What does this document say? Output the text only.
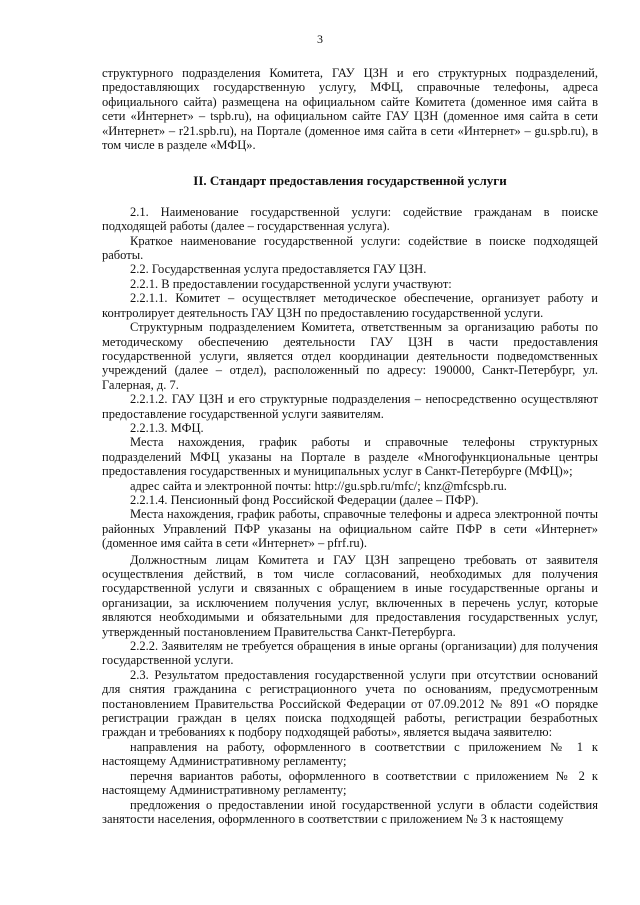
3

структурного подразделения Комитета, ГАУ ЦЗН и его структурных подразделений, предоставляющих государственную услугу, МФЦ, справочные телефоны, адреса официального сайта) размещена на официальном сайте Комитета (доменное имя сайта в сети «Интернет» – tspb.ru), на официальном сайте ГАУ ЦЗН (доменное имя сайта в сети «Интернет» – r21.spb.ru), на Портале (доменное имя сайта в сети «Интернет» – gu.spb.ru), в том числе в разделе «МФЦ».

II. Стандарт предоставления государственной услуги

2.1. Наименование государственной услуги: содействие гражданам в поиске подходящей работы (далее – государственная услуга).

Краткое наименование государственной услуги: содействие в поиске подходящей работы.

2.2. Государственная услуга предоставляется ГАУ ЦЗН.

2.2.1. В предоставлении государственной услуги участвуют:

2.2.1.1. Комитет – осуществляет методическое обеспечение, организует работу и контролирует деятельность ГАУ ЦЗН по предоставлению государственной услуги.

Структурным подразделением Комитета, ответственным за организацию работы по методическому обеспечению деятельности ГАУ ЦЗН в части предоставления государственной услуги, является отдел координации деятельности подведомственных учреждений (далее – отдел), расположенный по адресу: 190000, Санкт-Петербург, ул. Галерная, д. 7.

2.2.1.2. ГАУ ЦЗН и его структурные подразделения – непосредственно осуществляют предоставление государственной услуги заявителям.

2.2.1.3. МФЦ.

Места нахождения, график работы и справочные телефоны структурных подразделений МФЦ указаны на Портале в разделе «Многофункциональные центры предоставления государственных и муниципальных услуг в Санкт-Петербурге (МФЦ)»;

адрес сайта и электронной почты: http://gu.spb.ru/mfc/; knz@mfcspb.ru.

2.2.1.4. Пенсионный фонд Российской Федерации (далее – ПФР).

Места нахождения, график работы, справочные телефоны и адреса электронной почты районных Управлений ПФР указаны на официальном сайте ПФР в сети «Интернет» (доменное имя сайта в сети «Интернет» – pfrf.ru).

Должностным лицам Комитета и ГАУ ЦЗН запрещено требовать от заявителя осуществления действий, в том числе согласований, необходимых для получения государственной услуги и связанных с обращением в иные государственные органы и организации, за исключением получения услуг, включенных в перечень услуг, которые являются необходимыми и обязательными для предоставления государственных услуг, утвержденный постановлением Правительства Санкт-Петербурга.

2.2.2. Заявителям не требуется обращения в иные органы (организации) для получения государственной услуги.

2.3. Результатом предоставления государственной услуги при отсутствии оснований для снятия гражданина с регистрационного учета по основаниям, предусмотренным постановлением Правительства Российской Федерации от 07.09.2012 № 891 «О порядке регистрации граждан в целях поиска подходящей работы, регистрации безработных граждан и требованиях к подбору подходящей работы», является выдача заявителю:

направления на работу, оформленного в соответствии с приложением № 1 к настоящему Административному регламенту;

перечня вариантов работы, оформленного в соответствии с приложением № 2 к настоящему Административному регламенту;

предложения о предоставлении иной государственной услуги в области содействия занятости населения, оформленного в соответствии с приложением № 3 к настоящему
